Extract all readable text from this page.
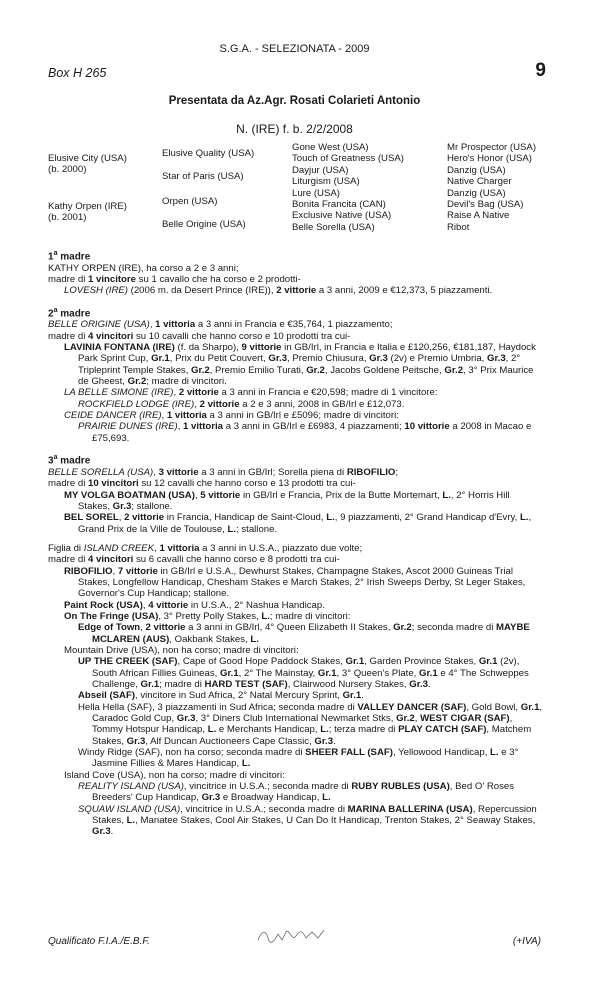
S.G.A. - SELEZIONATA - 2009
Box H 265	9
Presentata da Az.Agr. Rosati Colarieti Antonio
N. (IRE) f. b. 2/2/2008
Elusive City (USA)
(b. 2000)
Kathy Orpen (IRE)
(b. 2001)
Elusive Quality (USA)
Star of Paris (USA)
Orpen (USA)
Belle Origine (USA)
Gone West (USA)
Touch of Greatness (USA)
Dayjur (USA)
Liturgism (USA)
Lure (USA)
Bonita Francita (CAN)
Exclusive Native (USA)
Belle Sorella (USA)
Mr Prospector (USA)
Hero's Honor (USA)
Danzig (USA)
Native Charger
Danzig (USA)
Devil's Bag (USA)
Raise A Native
Ribot
1$^a$ madre
KATHY ORPEN (IRE), ha corso a 2 e 3 anni;
madre di 1 vincitore su 1 cavallo che ha corso e 2 prodotti-
LOVESH (IRE) (2006 m. da Desert Prince (IRE)), 2 vittorie a 3 anni, 2009 e €12,373, 5 piazzamenti.
2$^a$ madre
BELLE ORIGINE (USA), 1 vittoria a 3 anni in Francia e €35,764, 1 piazzamento;
madre di 4 vincitori su 10 cavalli che hanno corso e 10 prodotti tra cui-
LAVINIA FONTANA (IRE) (f. da Sharpo), 9 vittorie in GB/Irl, in Francia e Italia e £120,256, €181,187, Haydock Park Sprint Cup, Gr.1, Prix du Petit Couvert, Gr.3, Premio Chiusura, Gr.3 (2v) e Premio Umbria, Gr.3, 2° Tripleprint Temple Stakes, Gr.2, Premio Emilio Turati, Gr.2, Jacobs Goldene Peitsche, Gr.2, 3° Prix Maurice de Gheest, Gr.2; madre di vincitori.
LA BELLE SIMONE (IRE), 2 vittorie a 3 anni in Francia e €20,598; madre di 1 vincitore:
ROCKFIELD LODGE (IRE), 2 vittorie a 2 e 3 anni, 2008 in GB/Irl e £12,073.
CEIDE DANCER (IRE), 1 vittoria a 3 anni in GB/Irl e £5096; madre di vincitori:
PRAIRIE DUNES (IRE), 1 vittoria a 3 anni in GB/Irl e £6983, 4 piazzamenti; 10 vittorie a 2008 in Macao e £75,693.
3$^a$ madre
BELLE SORELLA (USA), 3 vittorie a 3 anni in GB/Irl; Sorella piena di RIBOFILIO;
madre di 10 vincitori su 12 cavalli che hanno corso e 13 prodotti tra cui-
MY VOLGA BOATMAN (USA), 5 vittorie in GB/Irl e Francia, Prix de la Butte Mortemart, L., 2° Horris Hill Stakes, Gr.3; stallone.
BEL SOREL, 2 vittorie in Francia, Handicap de Saint-Cloud, L., 9 piazzamenti, 2° Grand Handicap d'Evry, L., Grand Prix de la Ville de Toulouse, L.; stallone.
Figlia di ISLAND CREEK, 1 vittoria a 3 anni in U.S.A., piazzato due volte;
madre di 4 vincitori su 6 cavalli che hanno corso e 8 prodotti tra cui-
RIBOFILIO, 7 vittorie in GB/Irl e U.S.A., Dewhurst Stakes, Champagne Stakes, Ascot 2000 Guineas Trial Stakes, Longfellow Handicap, Chesham Stakes e March Stakes, 2° Irish Sweeps Derby, St Leger Stakes, Governor's Cup Handicap; stallone.
Paint Rock (USA), 4 vittorie in U.S.A., 2° Nashua Handicap.
On The Fringe (USA), 3° Pretty Polly Stakes, L.; madre di vincitori:
Edge of Town, 2 vittorie a 3 anni in GB/Irl, 4° Queen Elizabeth II Stakes, Gr.2; seconda madre di MAYBE MCLAREN (AUS), Oakbank Stakes, L.
Mountain Drive (USA), non ha corso; madre di vincitori:
UP THE CREEK (SAF), Cape of Good Hope Paddock Stakes, Gr.1, Garden Province Stakes, Gr.1 (2v), South African Fillies Guineas, Gr.1, 2° The Mainstay, Gr.1, 3° Queen's Plate, Gr.1 e 4° The Schweppes Challenge, Gr.1; madre di HARD TEST (SAF), Clairwood Nursery Stakes, Gr.3.
Abseil (SAF), vincitore in Sud Africa, 2° Natal Mercury Sprint, Gr.1.
Hella Hella (SAF), 3 piazzamenti in Sud Africa; seconda madre di VALLEY DANCER (SAF), Gold Bowl, Gr.1, Caradoc Gold Cup, Gr.3, 3° Diners Club International Newmarket Stks, Gr.2, WEST CIGAR (SAF), Tommy Hotspur Handicap, L. e Merchants Handicap, L.; terza madre di PLAY CATCH (SAF), Matchem Stakes, Gr.3, Alf Duncan Auctioneers Cape Classic, Gr.3.
Windy Ridge (SAF), non ha corso; seconda madre di SHEER FALL (SAF), Yellowood Handicap, L. e 3° Jasmine Fillies & Mares Handicap, L.
Island Cove (USA), non ha corso; madre di vincitori:
REALITY ISLAND (USA), vincitrice in U.S.A.; seconda madre di RUBY RUBLES (USA), Bed O' Roses Breeders' Cup Handicap, Gr.3 e Broadway Handicap, L.
SQUAW ISLAND (USA), vincitrice in U.S.A.; seconda madre di MARINA BALLERINA (USA), Repercussion Stakes, L., Manatee Stakes, Cool Air Stakes, U Can Do It Handicap, Trenton Stakes, 2° Seaway Stakes, Gr.3.
Qualificato F.I.A./E.B.F.	(+IVA)
